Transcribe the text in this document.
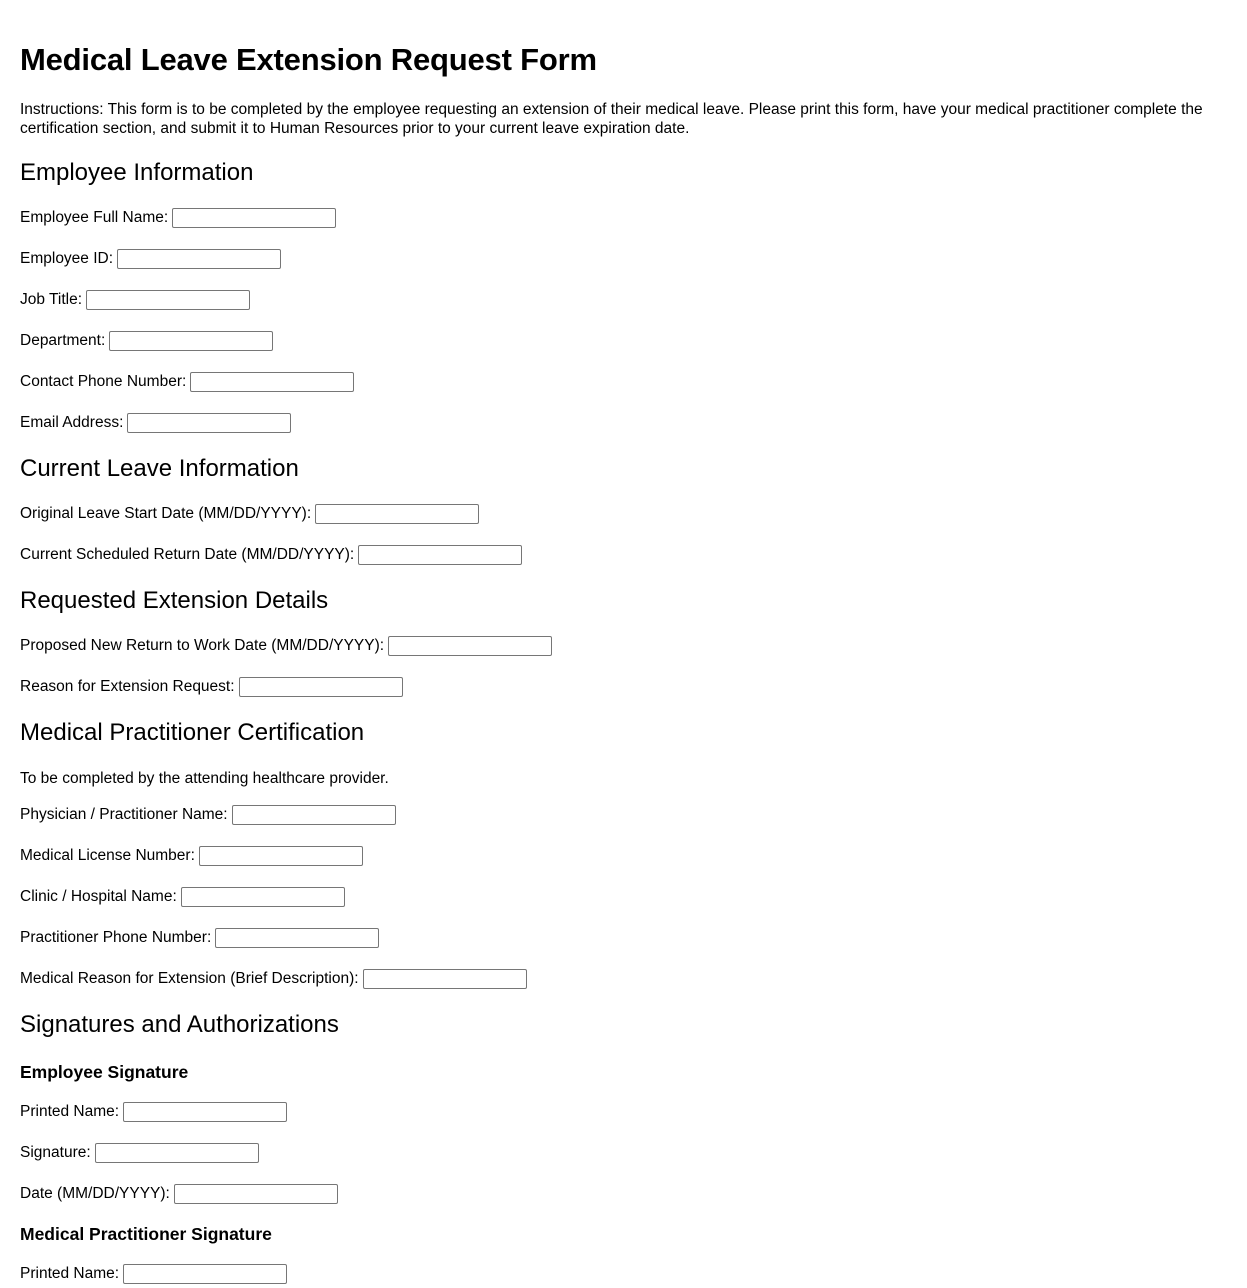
Medical Leave Extension Request Form

Instructions: This form is to be completed by the employee requesting an extension of their medical leave. Please print this form, have your medical practitioner complete the certification section, and submit it to Human Resources prior to your current leave expiration date.

Employee Information
Employee Full Name:
Employee ID:
Job Title:
Department:
Contact Phone Number:
Email Address:
Current Leave Information
Original Leave Start Date (MM/DD/YYYY):
Current Scheduled Return Date (MM/DD/YYYY):
Requested Extension Details
Proposed New Return to Work Date (MM/DD/YYYY):
Reason for Extension Request:
Medical Practitioner Certification
To be completed by the attending healthcare provider.
Physician / Practitioner Name:
Medical License Number:
Clinic / Hospital Name:
Practitioner Phone Number:
Medical Reason for Extension (Brief Description):
Signatures and Authorizations
Employee Signature
Printed Name:
Signature:
Date (MM/DD/YYYY):
Medical Practitioner Signature
Printed Name:
